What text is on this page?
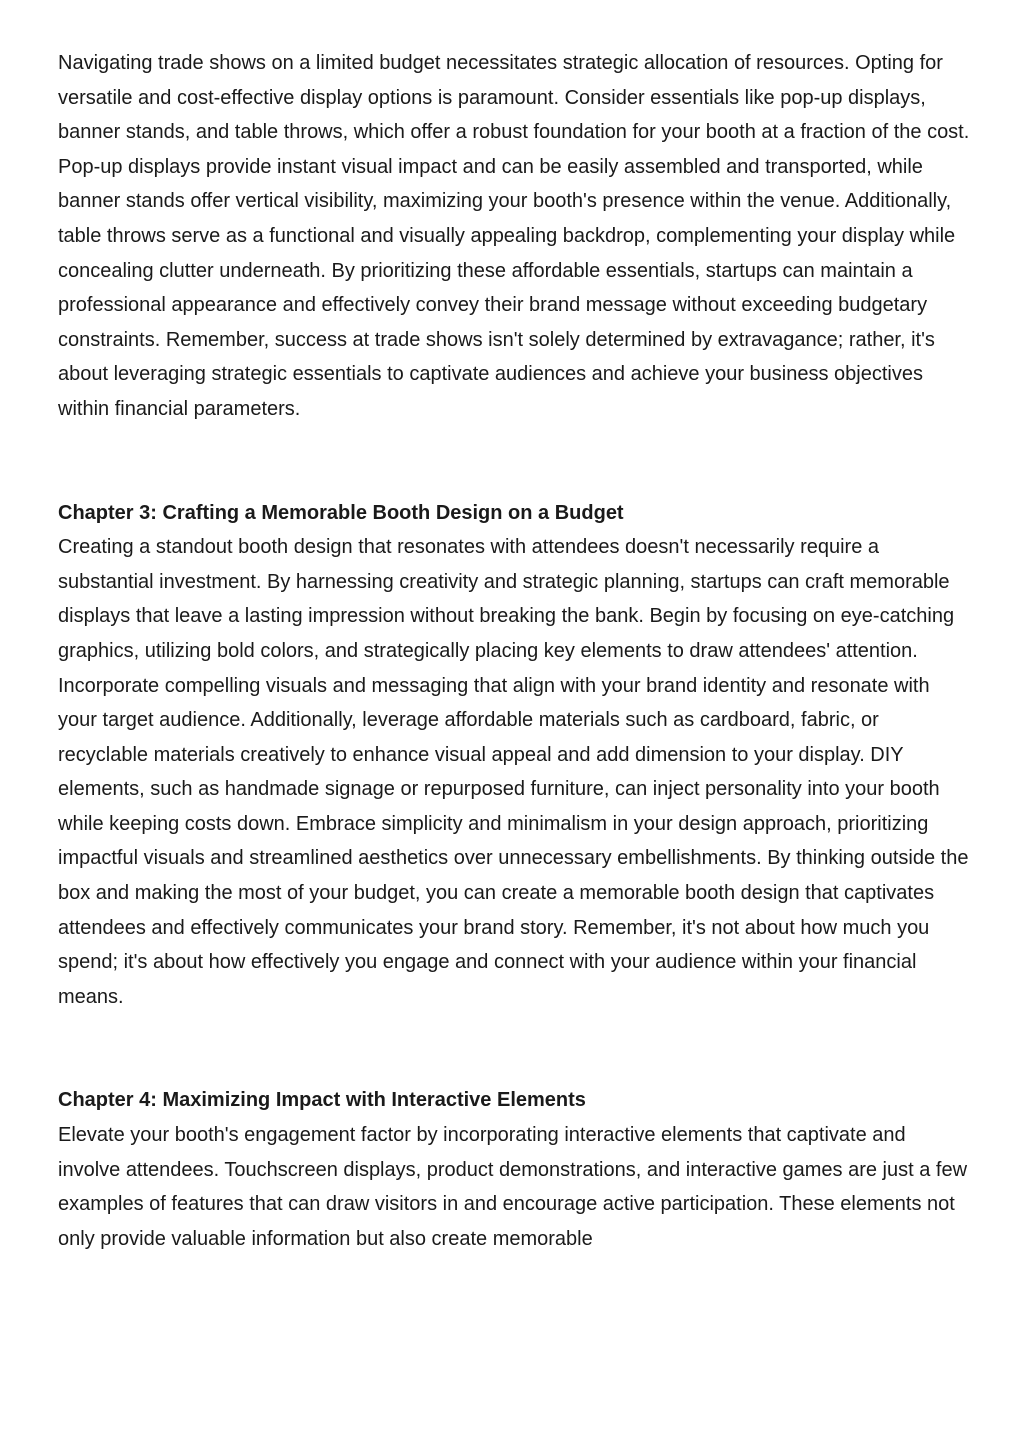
Navigating trade shows on a limited budget necessitates strategic allocation of resources. Opting for versatile and cost-effective display options is paramount. Consider essentials like pop-up displays, banner stands, and table throws, which offer a robust foundation for your booth at a fraction of the cost. Pop-up displays provide instant visual impact and can be easily assembled and transported, while banner stands offer vertical visibility, maximizing your booth's presence within the venue. Additionally, table throws serve as a functional and visually appealing backdrop, complementing your display while concealing clutter underneath. By prioritizing these affordable essentials, startups can maintain a professional appearance and effectively convey their brand message without exceeding budgetary constraints. Remember, success at trade shows isn't solely determined by extravagance; rather, it's about leveraging strategic essentials to captivate audiences and achieve your business objectives within financial parameters.

Chapter 3: Crafting a Memorable Booth Design on a Budget

Creating a standout booth design that resonates with attendees doesn't necessarily require a substantial investment. By harnessing creativity and strategic planning, startups can craft memorable displays that leave a lasting impression without breaking the bank. Begin by focusing on eye-catching graphics, utilizing bold colors, and strategically placing key elements to draw attendees' attention. Incorporate compelling visuals and messaging that align with your brand identity and resonate with your target audience. Additionally, leverage affordable materials such as cardboard, fabric, or recyclable materials creatively to enhance visual appeal and add dimension to your display. DIY elements, such as handmade signage or repurposed furniture, can inject personality into your booth while keeping costs down. Embrace simplicity and minimalism in your design approach, prioritizing impactful visuals and streamlined aesthetics over unnecessary embellishments. By thinking outside the box and making the most of your budget, you can create a memorable booth design that captivates attendees and effectively communicates your brand story. Remember, it's not about how much you spend; it's about how effectively you engage and connect with your audience within your financial means.

Chapter 4: Maximizing Impact with Interactive Elements

Elevate your booth's engagement factor by incorporating interactive elements that captivate and involve attendees. Touchscreen displays, product demonstrations, and interactive games are just a few examples of features that can draw visitors in and encourage active participation. These elements not only provide valuable information but also create memorable
